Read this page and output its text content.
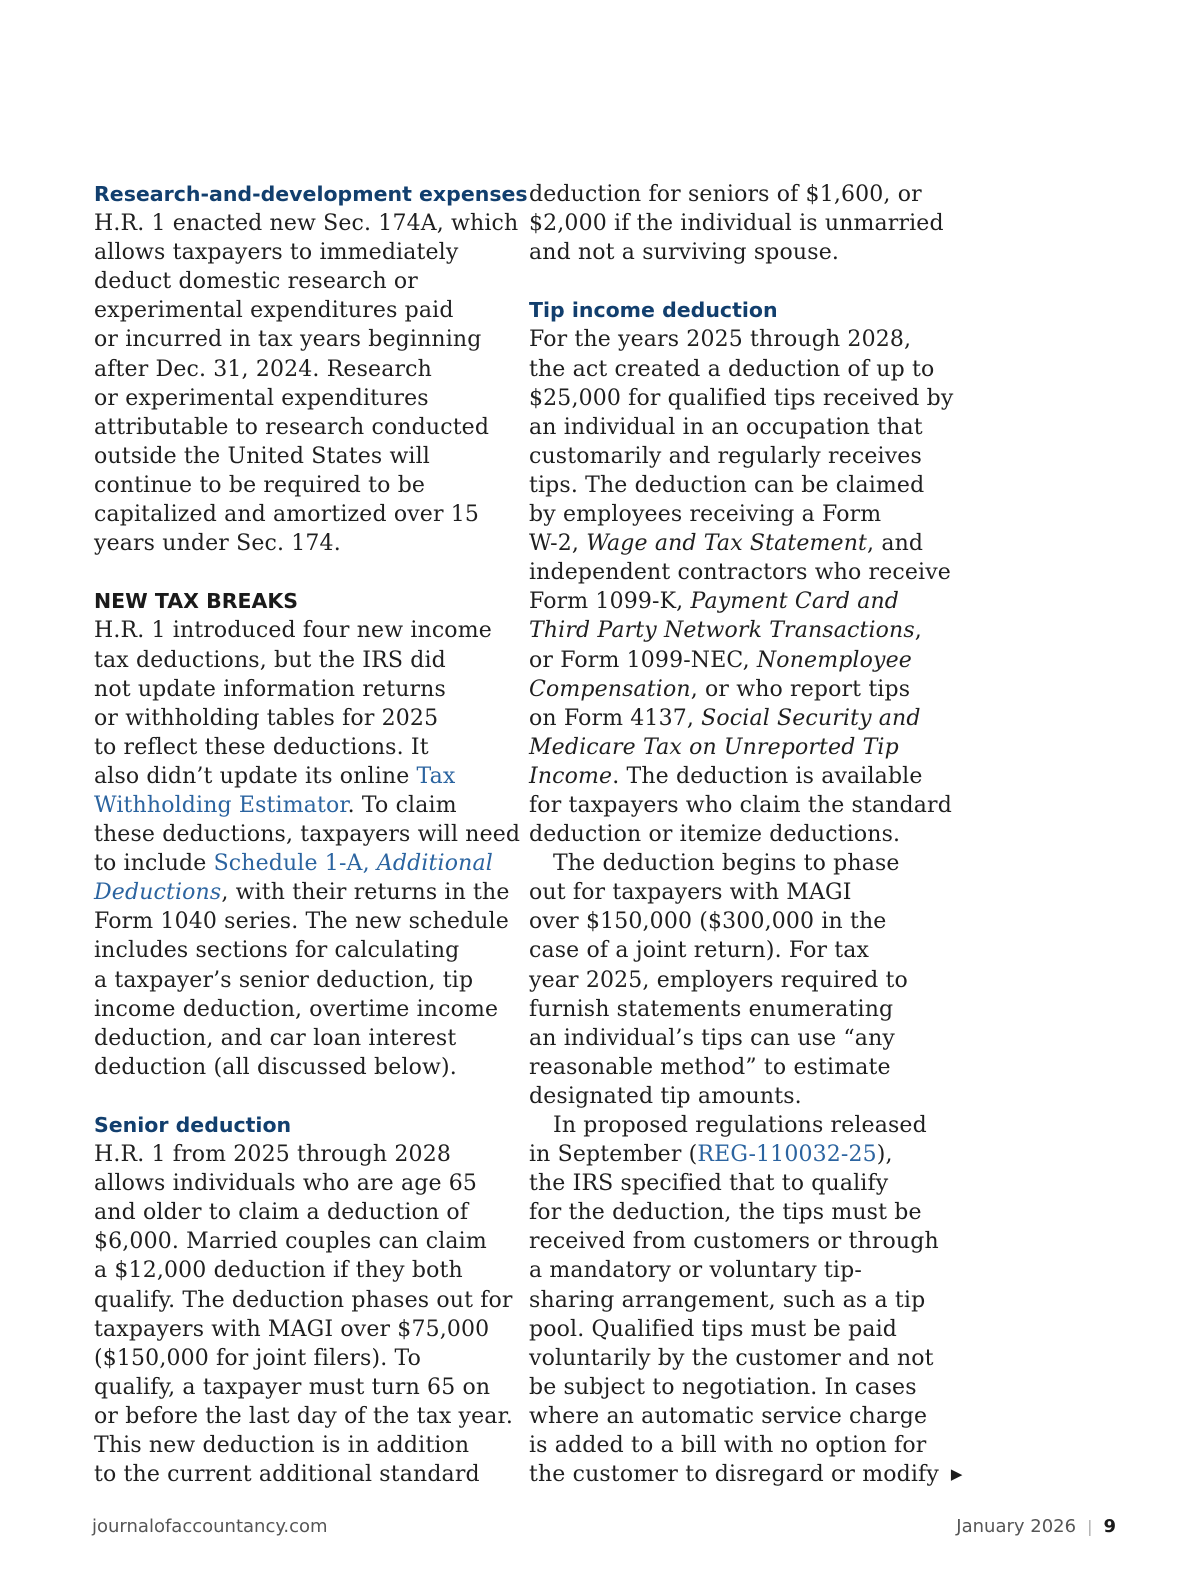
Research-and-development expenses
H.R. 1 enacted new Sec. 174A, which
allows taxpayers to immediately
deduct domestic research or
experimental expenditures paid
or incurred in tax years beginning
after Dec. 31, 2024. Research
or experimental expenditures
attributable to research conducted
outside the United States will
continue to be required to be
capitalized and amortized over 15
years under Sec. 174.
NEW TAX BREAKS
H.R. 1 introduced four new income
tax deductions, but the IRS did
not update information returns
or withholding tables for 2025
to reflect these deductions. It
also didn’t update its online Tax
Withholding Estimator. To claim
these deductions, taxpayers will need
to include Schedule 1-A, Additional
Deductions, with their returns in the
Form 1040 series. The new schedule
includes sections for calculating
a taxpayer’s senior deduction, tip
income deduction, overtime income
deduction, and car loan interest
deduction (all discussed below).
Senior deduction
H.R. 1 from 2025 through 2028
allows individuals who are age 65
and older to claim a deduction of
$6,000. Married couples can claim
a $12,000 deduction if they both
qualify. The deduction phases out for
taxpayers with MAGI over $75,000
($150,000 for joint filers). To
qualify, a taxpayer must turn 65 on
or before the last day of the tax year.
This new deduction is in addition
to the current additional standard
deduction for seniors of $1,600, or
$2,000 if the individual is unmarried
and not a surviving spouse.
Tip income deduction
For the years 2025 through 2028,
the act created a deduction of up to
$25,000 for qualified tips received by
an individual in an occupation that
customarily and regularly receives
tips. The deduction can be claimed
by employees receiving a Form
W-2, Wage and Tax Statement, and
independent contractors who receive
Form 1099-K, Payment Card and
Third Party Network Transactions,
or Form 1099-NEC, Nonemployee
Compensation, or who report tips
on Form 4137, Social Security and
Medicare Tax on Unreported Tip
Income. The deduction is available
for taxpayers who claim the standard
deduction or itemize deductions.
The deduction begins to phase
out for taxpayers with MAGI
over $150,000 ($300,000 in the
case of a joint return). For tax
year 2025, employers required to
furnish statements enumerating
an individual’s tips can use “any
reasonable method” to estimate
designated tip amounts.
In proposed regulations released
in September (REG-110032-25),
the IRS specified that to qualify
for the deduction, the tips must be
received from customers or through
a mandatory or voluntary tip-
sharing arrangement, such as a tip
pool. Qualified tips must be paid
voluntarily by the customer and not
be subject to negotiation. In cases
where an automatic service charge
is added to a bill with no option for
the customer to disregard or modify ▶
journalofaccountancy.com	January 2026 | 9
